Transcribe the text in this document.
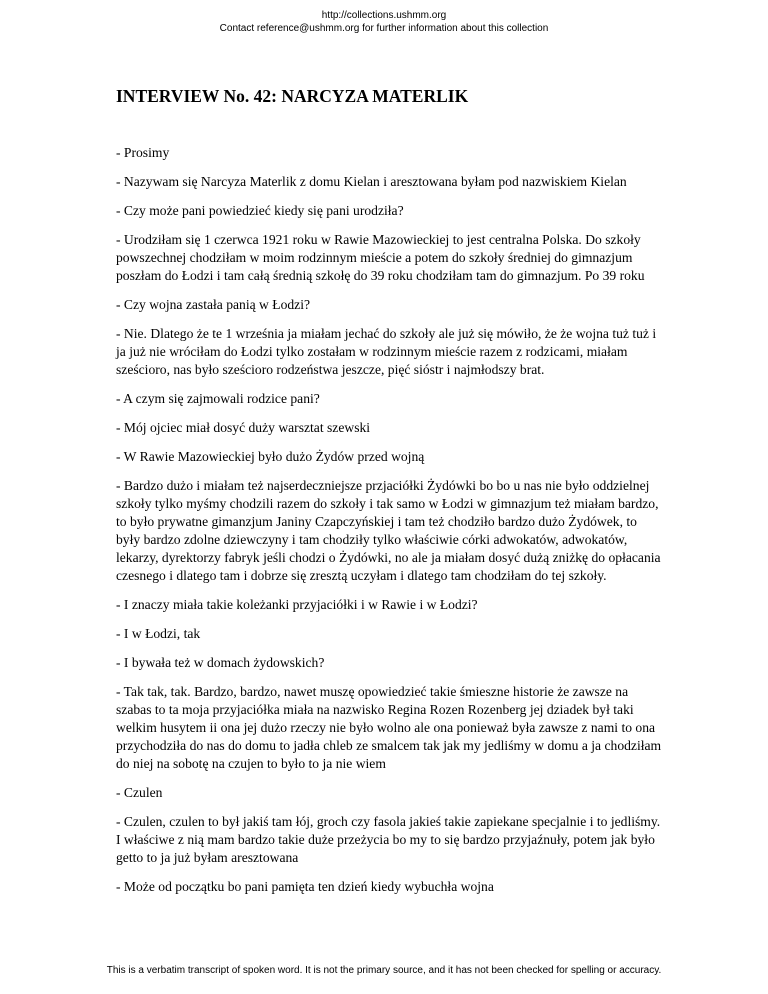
http://collections.ushmm.org
Contact reference@ushmm.org for further information about this collection
INTERVIEW No. 42: NARCYZA MATERLIK

- Prosimy

- Nazywam się Narcyza Materlik z domu Kielan i aresztowana byłam pod nazwiskiem Kielan

- Czy może pani powiedzieć kiedy się pani urodziła?

- Urodziłam się 1 czerwca 1921 roku w Rawie Mazowieckiej to jest centralna Polska. Do szkoły powszechnej chodziłam w moim rodzinnym mieście a potem do szkoły średniej do gimnazjum poszłam do Łodzi i tam całą średnią szkołę do 39 roku chodziłam tam do gimnazjum. Po 39 roku

- Czy wojna zastała panią w Łodzi?

- Nie. Dlatego że te 1 września ja miałam jechać do szkoły ale już się mówiło, że że wojna tuż tuż i ja już nie wróciłam do Łodzi tylko zostałam w rodzinnym mieście razem z rodzicami, miałam sześcioro, nas było sześcioro rodzeństwa jeszcze, pięć sióstr i najmłodszy brat.

- A czym się zajmowali rodzice pani?

- Mój ojciec miał dosyć duży warsztat szewski

- W Rawie Mazowieckiej było dużo Żydów przed wojną

- Bardzo dużo i miałam też najserdeczniejsze przjaciółki Żydówki bo bo u nas nie było oddzielnej szkoły tylko myśmy chodzili razem do szkoły i tak samo w Łodzi w gimnazjum też miałam bardzo, to było prywatne gimanzjum Janiny Czapczyńskiej i tam też chodziło bardzo dużo Żydówek, to były bardzo zdolne dziewczyny i tam chodziły tylko właściwie córki adwokatów, adwokatów, lekarzy, dyrektorzy fabryk jeśli chodzi o Żydówki, no ale ja miałam dosyć dużą zniżkę do opłacania czesnego i dlatego tam i dobrze się zresztą uczyłam i dlatego tam chodziłam do tej szkoły.

- I znaczy miała takie koleżanki przyjaciółki i w Rawie i w Łodzi?

- I w Łodzi, tak

- I bywała też w domach żydowskich?

- Tak tak, tak. Bardzo, bardzo, nawet muszę opowiedzieć takie śmieszne historie że zawsze na szabas to ta moja przyjaciółka miała na nazwisko Regina Rozen Rozenberg jej dziadek był taki welkim husytem ii ona jej dużo rzeczy nie było wolno ale ona ponieważ była zawsze z nami to ona przychodziła do nas do domu to jadła chleb ze smalcem tak jak my jedliśmy w domu a ja chodziłam do niej na sobotę na czujen to było to ja nie wiem

- Czulen

- Czulen, czulen to był jakiś tam łój, groch czy fasola jakieś takie zapiekane specjalnie i to jedliśmy. I właściwe z nią mam bardzo takie duże przeżycia bo my to się bardzo przyjaźnuły, potem jak było getto to ja już byłam aresztowana

- Może od początku bo pani pamięta ten dzień kiedy wybuchła wojna

This is a verbatim transcript of spoken word. It is not the primary source, and it has not been checked for spelling or accuracy.
